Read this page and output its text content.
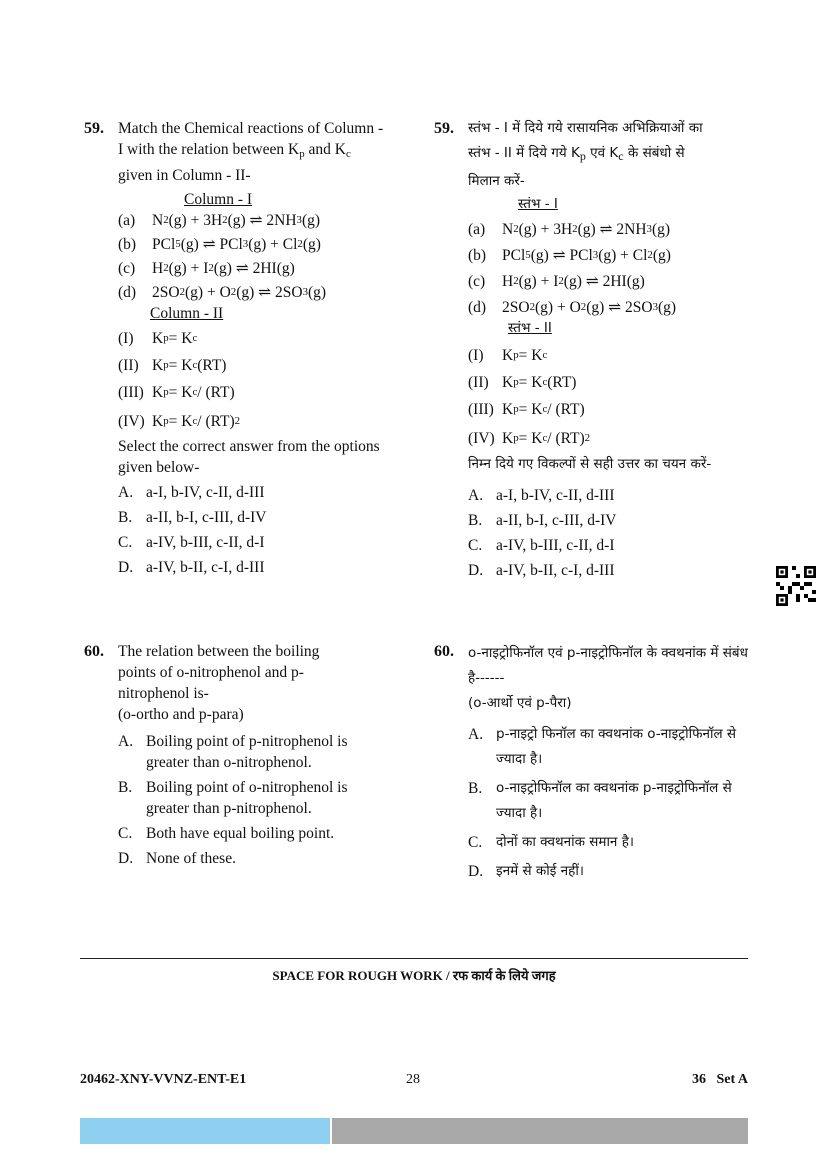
59. Match the Chemical reactions of Column - I with the relation between $K_p$ and $K_c$ given in Column - II-
Column - I
(a)	N 2 (g) + 3H 2 (g) ⇌ 2NH 3 (g)
(b)	PCl 5 (g) ⇌ PCl 3 (g) + Cl 2 (g)
(c)	H 2 (g) + I 2 (g) ⇌ 2HI(g)
(d)	2SO 2 (g) + O 2 (g) ⇌ 2SO 3 (g)
Column - II
(I)	K p = K c
(II) K p = K c (RT)
(III) K p = K c / (RT)
(IV) K p = K c / (RT) 2
Select the correct answer from the options given below-
A. a-I, b-IV, c-II, d-III
B. a-II, b-I, c-III, d-IV
C. a-IV, b-III, c-II, d-I
D. a-IV, b-II, c-I, d-III
59. स्तंभ - I में दिये गये रासायनिक अभिक्रियाओं का
स्तंभ - II में दिये गये $K_p$ एवं $K_c$ के संबंधो से
मिलान करें-
स्तंभ - I
(a)	N 2 (g) + 3H 2 (g) ⇌ 2NH 3 (g)
(b)	PCl 5 (g) ⇌ PCl 3 (g) + Cl 2 (g)
(c)	H 2 (g) + I 2 (g) ⇌ 2HI(g)
(d)	2SO 2 (g) + O 2 (g) ⇌ 2SO 3 (g)
स्तंभ - II
(I)	K p = K c
(II) K p = K c (RT)
(III) K p = K c / (RT)
(IV) K p = K c / (RT) 2
निम्न दिये गए विकल्पों से सही उत्तर का चयन करें-
A. a-I, b-IV, c-II, d-III
B. a-II, b-I, c-III, d-IV
C. a-IV, b-III, c-II, d-I
D. a-IV, b-II, c-I, d-III
60. The relation between the boiling points of o-nitrophenol and p-nitrophenol is-
(o-ortho and p-para)
A. Boiling point of p-nitrophenol is greater than o-nitrophenol.
B. Boiling point of o-nitrophenol is greater than p-nitrophenol.
C. Both have equal boiling point.
D. None of these.
60. o-नाइट्रोफिनॉल एवं p-नाइट्रोफिनॉल के क्वथनांक में संबंध है------
(o-आर्थो एवं p-पैरा)
A. p-नाइट्रो फिनॉल का क्वथनांक o-नाइट्रोफिनॉल से ज्यादा है।
B.	o-नाइट्रोफिनॉल का क्वथनांक p-नाइट्रोफिनॉल से ज्यादा है।
C.	दोनों का क्वथनांक समान है।
D. इनमें से कोई नहीं।
SPACE FOR ROUGH WORK / रफ कार्य के लिये जगह
20462-XNY-VVNZ-ENT-E1	28	36   Set A
